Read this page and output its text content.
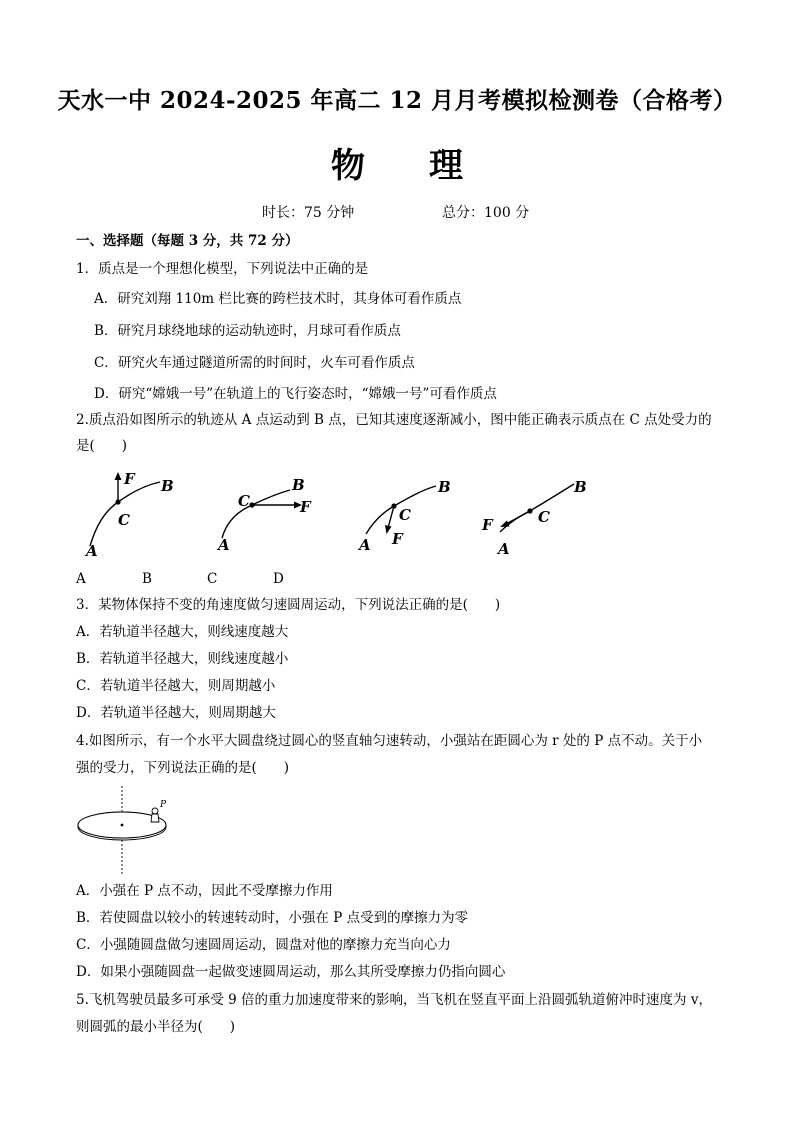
天水一中 2024-2025 年高二 12 月月考模拟检测卷（合格考）
物 理
时长：75 分钟	总分：100 分
一、选择题（每题 3 分，共 72 分）
1．质点是一个理想化模型，下列说法中正确的是
A．研究刘翔 110m 栏比赛的跨栏技术时，其身体可看作质点
B．研究月球绕地球的运动轨迹时，月球可看作质点
C．研究火车通过隧道所需的时间时，火车可看作质点
D．研究“嫦娥一号”在轨道上的飞行姿态时，“嫦娥一号”可看作质点
2.质点沿如图所示的轨迹从 A 点运动到 B 点，已知其速度逐渐减小，图中能正确表示质点在 C 点处受力的
是(　　)
F B
C
A
C
B
F
A
C
B
F
A
C
B
F
A
A	B	C	D
3．某物体保持不变的角速度做匀速圆周运动，下列说法正确的是(　　)
A．若轨道半径越大，则线速度越大
B．若轨道半径越大，则线速度越小
C．若轨道半径越大，则周期越小
D．若轨道半径越大，则周期越大
4.如图所示，有一个水平大圆盘绕过圆心的竖直轴匀速转动，小强站在距圆心为 r 处的 P 点不动。关于小
强的受力，下列说法正确的是(　　)
P
A．小强在 P 点不动，因此不受摩擦力作用
B．若使圆盘以较小的转速转动时，小强在 P 点受到的摩擦力为零
C．小强随圆盘做匀速圆周运动，圆盘对他的摩擦力充当向心力
D．如果小强随圆盘一起做变速圆周运动，那么其所受摩擦力仍指向圆心
5.飞机驾驶员最多可承受 9 倍的重力加速度带来的影响，当飞机在竖直平面上沿圆弧轨道俯冲时速度为 v，
则圆弧的最小半径为(　　)
